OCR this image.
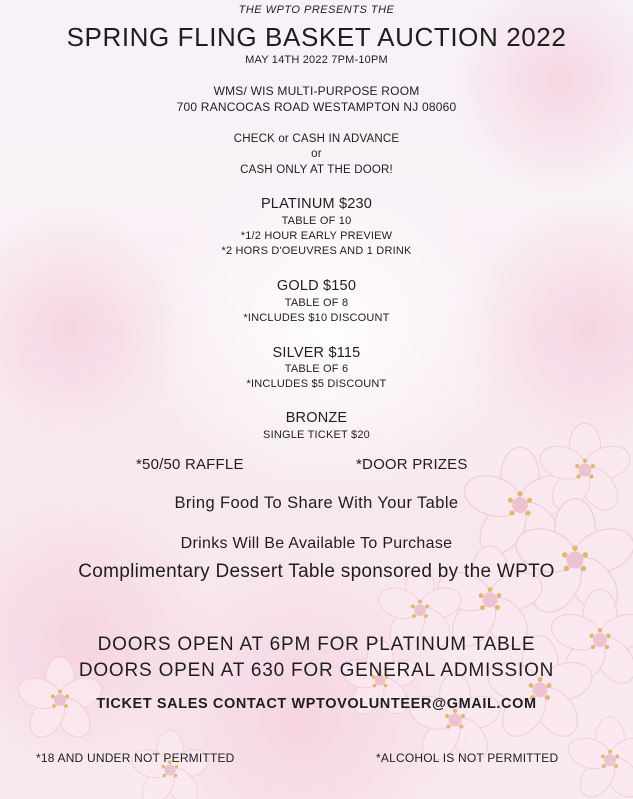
THE WPTO PRESENTS THE
SPRING FLING BASKET AUCTION 2022
MAY 14TH 2022 7PM-10PM
WMS/ WIS MULTI-PURPOSE ROOM
700 RANCOCAS ROAD WESTAMPTON NJ 08060
CHECK or CASH IN ADVANCE
or
CASH ONLY AT THE DOOR!
PLATINUM $230
TABLE OF 10
*1/2 HOUR EARLY PREVIEW
*2 HORS D'OEUVRES AND 1 DRINK
GOLD $150
TABLE OF 8
*INCLUDES $10 DISCOUNT
SILVER $115
TABLE OF 6
*INCLUDES $5 DISCOUNT
BRONZE
SINGLE TICKET $20
*50/50 RAFFLE	*DOOR PRIZES
Bring Food To Share With Your Table
Drinks Will Be Available To Purchase
Complimentary Dessert Table sponsored by the WPTO
DOORS OPEN AT 6PM FOR PLATINUM TABLE
DOORS OPEN AT 630 FOR GENERAL ADMISSION
TICKET SALES CONTACT WPTOVOLUNTEER@GMAIL.COM
*18 AND UNDER NOT PERMITTED	*ALCOHOL IS NOT PERMITTED
